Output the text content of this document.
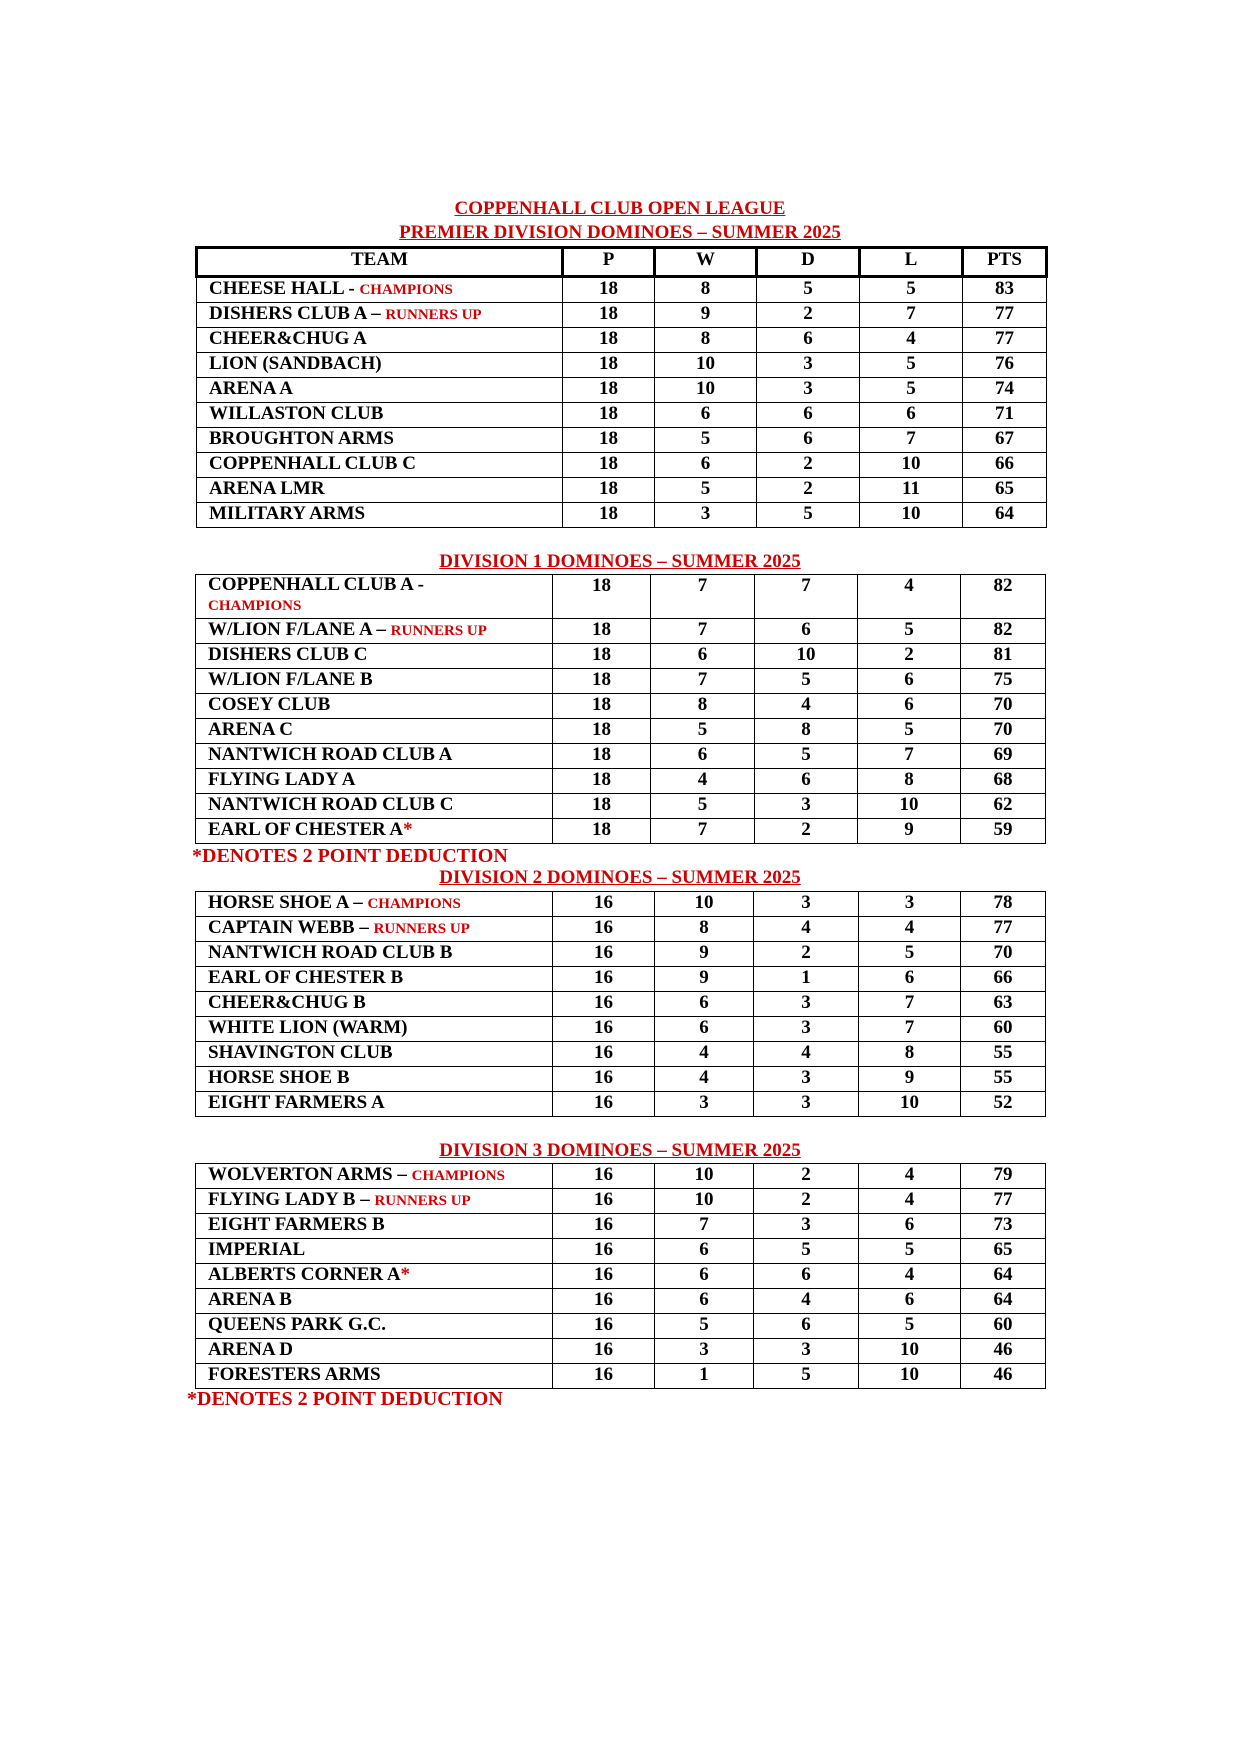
COPPENHALL CLUB OPEN LEAGUE
PREMIER DIVISION DOMINOES – SUMMER 2025
TEAM	P	W	D	L	PTS
CHEESE HALL - CHAMPIONS	18	8	5	5	83
DISHERS CLUB A – RUNNERS UP	18	9	2	7	77
CHEER&CHUG A	18	8	6	4	77
LION (SANDBACH)	18	10	3	5	76
ARENA A	18	10	3	5	74
WILLASTON CLUB	18	6	6	6	71
BROUGHTON ARMS	18	5	6	7	67
COPPENHALL CLUB C	18	6	2	10	66
ARENA LMR	18	5	2	11	65
MILITARY ARMS	18	3	5	10	64
DIVISION 1 DOMINOES – SUMMER 2025
COPPENHALL CLUB A -
CHAMPIONS	18	7	7	4	82
W/LION F/LANE A – RUNNERS UP	18	7	6	5	82
DISHERS CLUB C	18	6	10	2	81
W/LION F/LANE B	18	7	5	6	75
COSEY CLUB	18	8	4	6	70
ARENA C	18	5	8	5	70
NANTWICH ROAD CLUB A	18	6	5	7	69
FLYING LADY A	18	4	6	8	68
NANTWICH ROAD CLUB C	18	5	3	10	62
EARL OF CHESTER A*	18	7	2	9	59
*DENOTES 2 POINT DEDUCTION
DIVISION 2 DOMINOES – SUMMER 2025
HORSE SHOE A – CHAMPIONS	16	10	3	3	78
CAPTAIN WEBB – RUNNERS UP	16	8	4	4	77
NANTWICH ROAD CLUB B	16	9	2	5	70
EARL OF CHESTER B	16	9	1	6	66
CHEER&CHUG B	16	6	3	7	63
WHITE LION (WARM)	16	6	3	7	60
SHAVINGTON CLUB	16	4	4	8	55
HORSE SHOE B	16	4	3	9	55
EIGHT FARMERS A	16	3	3	10	52
DIVISION 3 DOMINOES – SUMMER 2025
WOLVERTON ARMS – CHAMPIONS	16	10	2	4	79
FLYING LADY B – RUNNERS UP	16	10	2	4	77
EIGHT FARMERS B	16	7	3	6	73
IMPERIAL	16	6	5	5	65
ALBERTS CORNER A*	16	6	6	4	64
ARENA B	16	6	4	6	64
QUEENS PARK G.C.	16	5	6	5	60
ARENA D	16	3	3	10	46
FORESTERS ARMS	16	1	5	10	46
*DENOTES 2 POINT DEDUCTION
